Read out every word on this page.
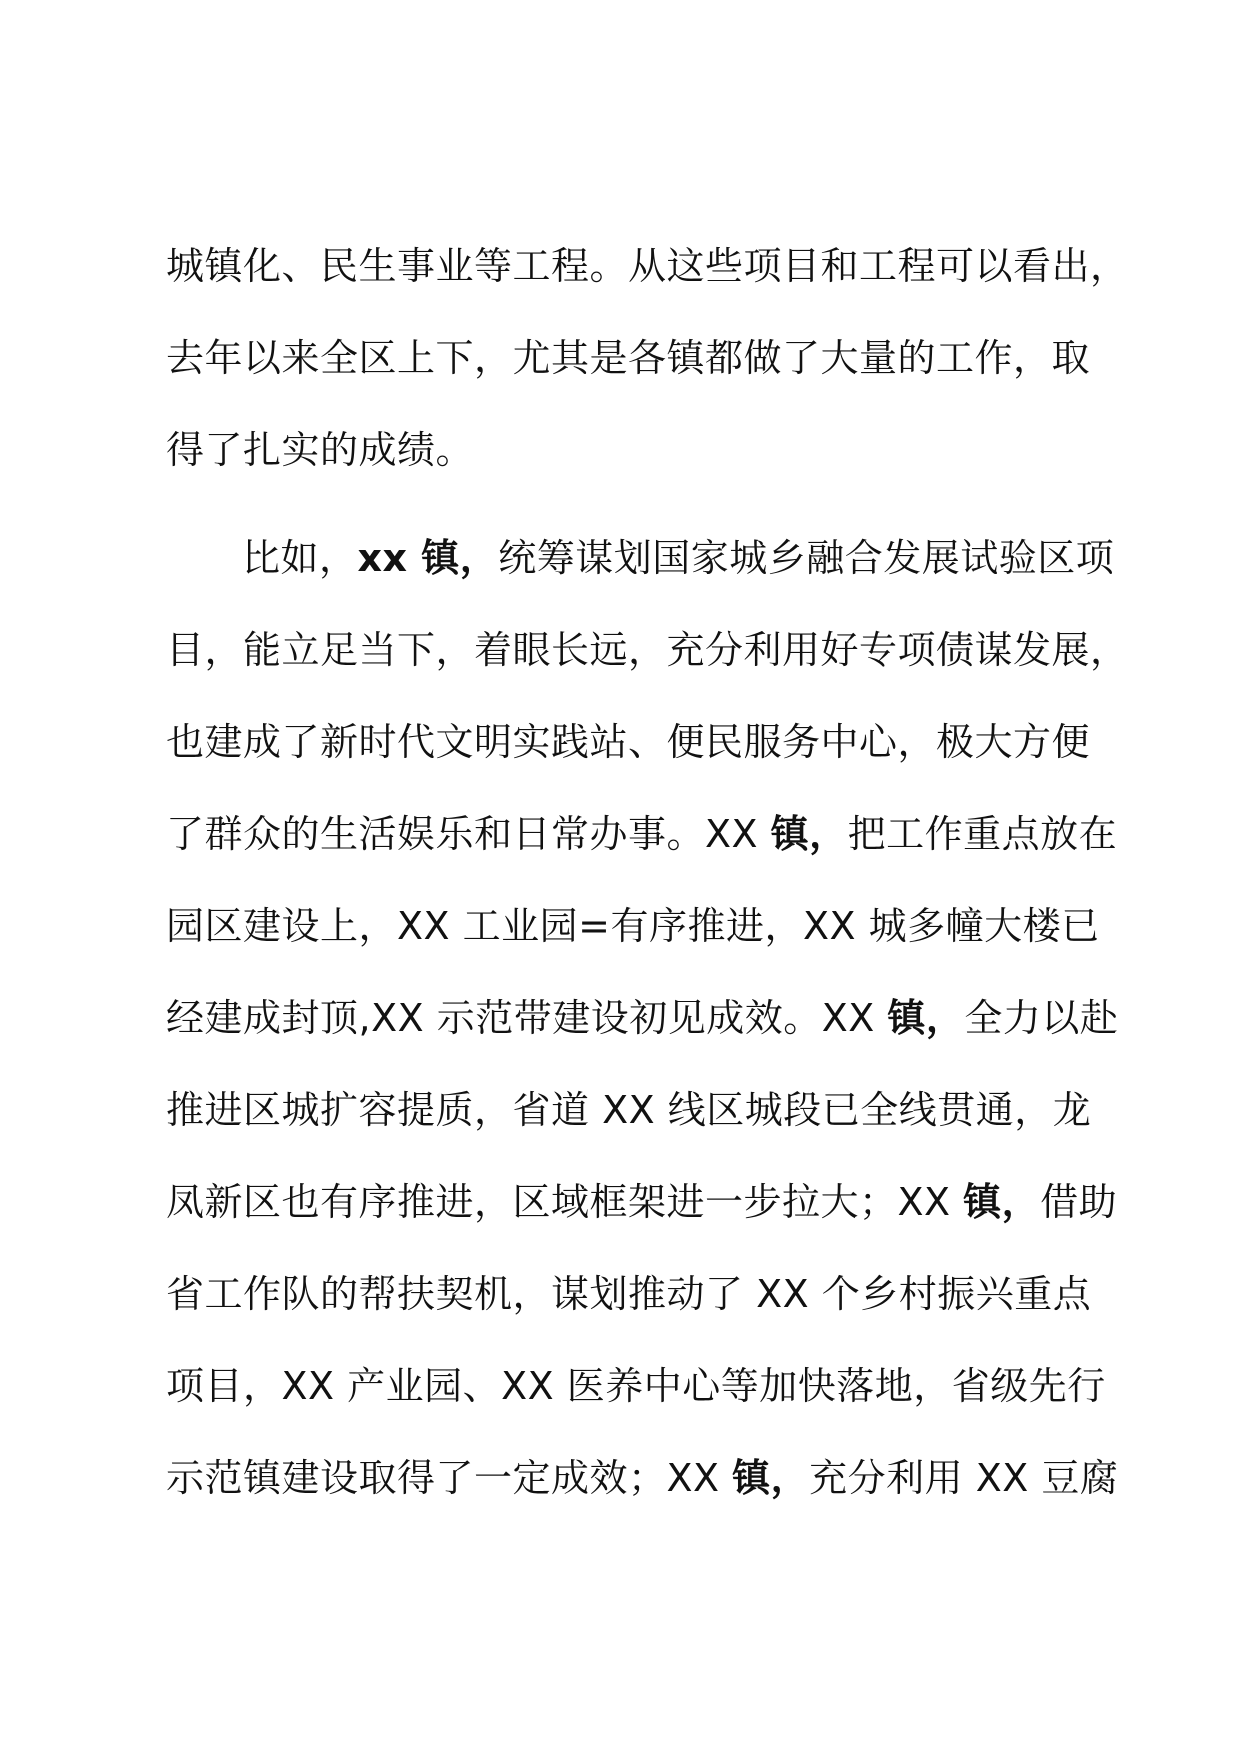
城镇化、民生事业等工程。从这些项目和工程可以看出，
去年以来全区上下，尤其是各镇都做了大量的工作，取
得了扎实的成绩。
比如，xx 镇，统筹谋划国家城乡融合发展试验区项
目，能立足当下，着眼长远，充分利用好专项债谋发展，
也建成了新时代文明实践站、便民服务中心，极大方便
了群众的生活娱乐和日常办事。XX 镇，把工作重点放在
园区建设上，XX 工业园=有序推进，XX 城多幢大楼已
经建成封顶,XX 示范带建设初见成效。XX 镇，全力以赴
推进区城扩容提质，省道 XX 线区城段已全线贯通，龙
凤新区也有序推进，区域框架进一步拉大；XX 镇，借助
省工作队的帮扶契机，谋划推动了 XX 个乡村振兴重点
项目，XX 产业园、XX 医养中心等加快落地，省级先行
示范镇建设取得了一定成效；XX 镇，充分利用 XX 豆腐
